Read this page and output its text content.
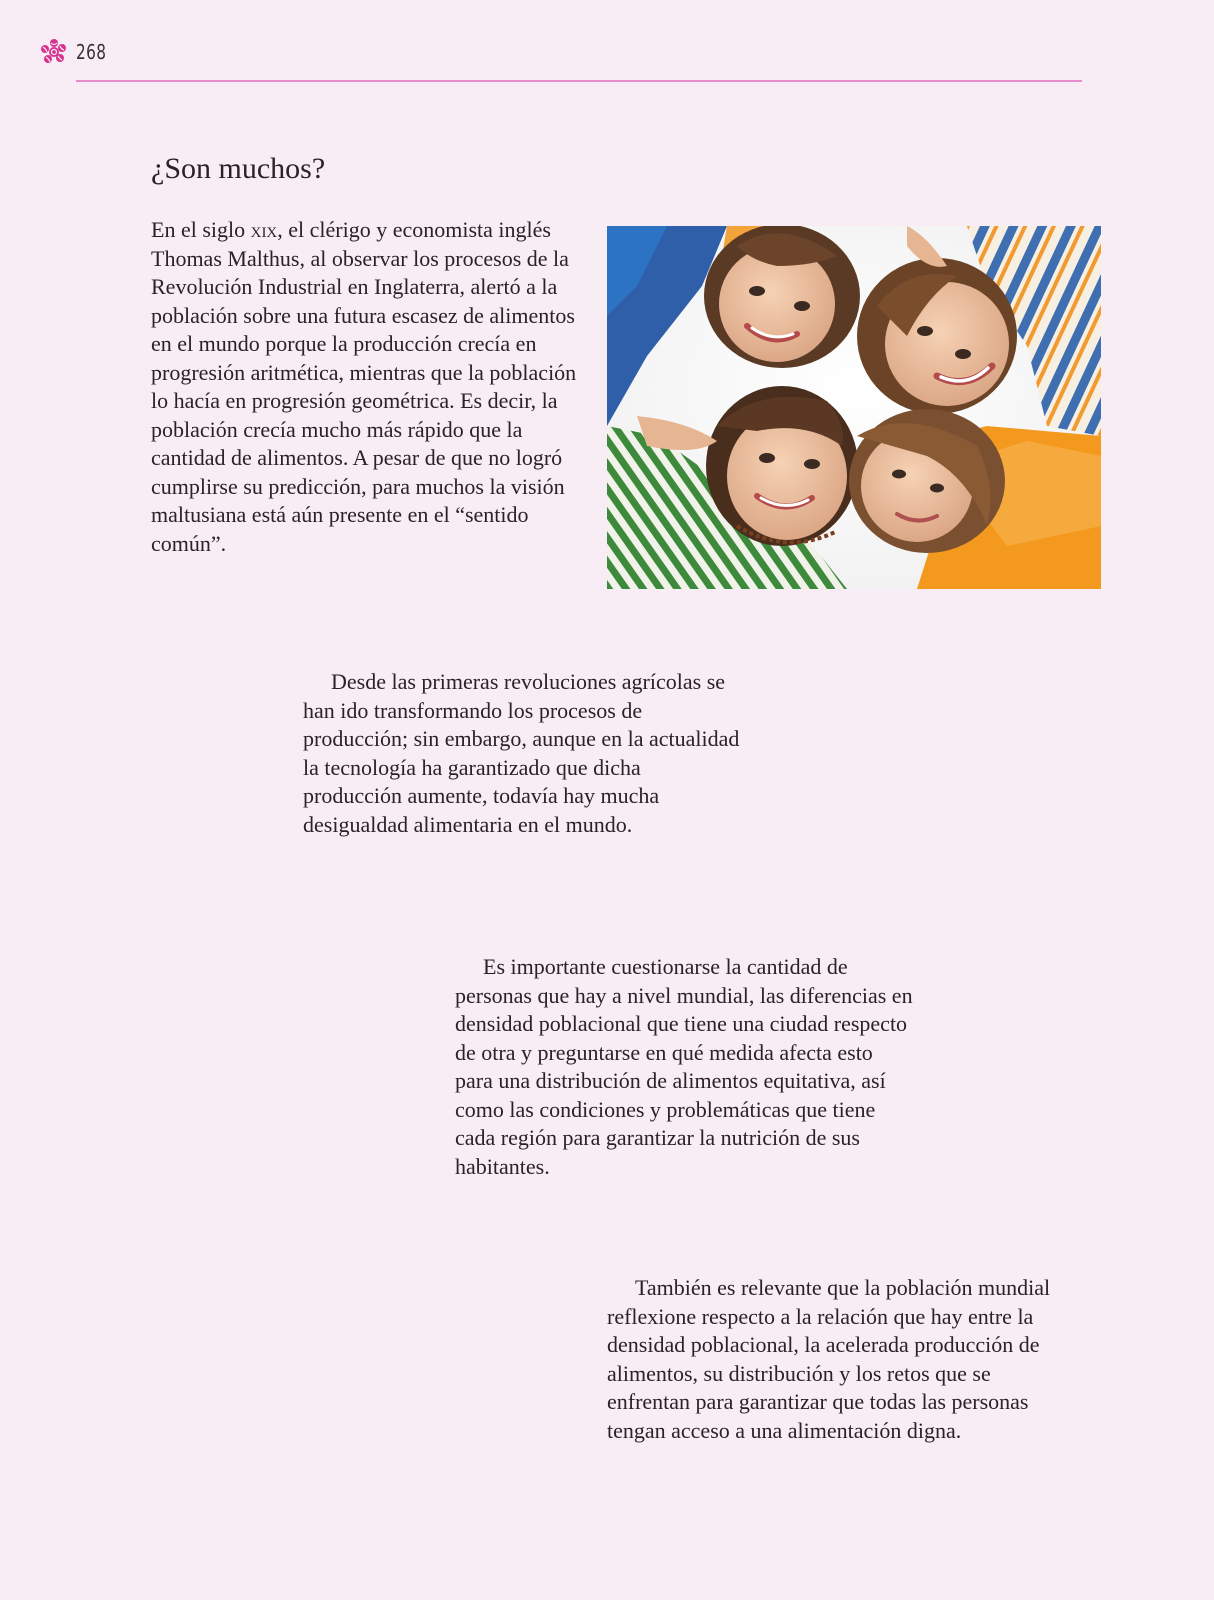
268
¿Son muchos?

En el siglo xix, el clérigo y economista inglés Thomas Malthus, al observar los procesos de la Revolución Industrial en Inglaterra, alertó a la población sobre una futura escasez de alimentos en el mundo porque la producción crecía en progresión aritmética, mientras que la población lo hacía en progresión geométrica. Es decir, la población crecía mucho más rápido que la cantidad de alimentos. A pesar de que no logró cumplirse su predicción, para muchos la visión maltusiana está aún presente en el “sentido común”.

Desde las primeras revoluciones agrícolas se han ido transformando los procesos de producción; sin embargo, aunque en la actualidad la tecnología ha garantizado que dicha producción aumente, todavía hay mucha desigualdad alimentaria en el mundo.

Es importante cuestionarse la cantidad de personas que hay a nivel mundial, las diferencias en densidad poblacional que tiene una ciudad respecto de otra y preguntarse en qué medida afecta esto para una distribución de alimentos equitativa, así como las condiciones y problemáticas que tiene cada región para garantizar la nutrición de sus habitantes.

También es relevante que la población mundial reflexione respecto a la relación que hay entre la densidad poblacional, la acelerada producción de alimentos, su distribución y los retos que se enfrentan para garantizar que todas las personas tengan acceso a una alimentación digna.
